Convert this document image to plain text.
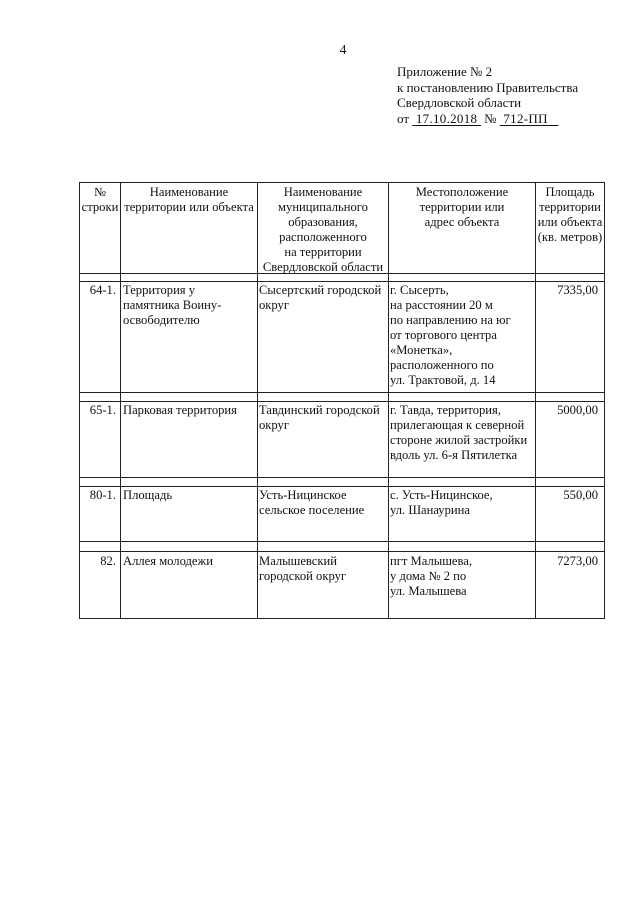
4
Приложение № 2
к постановлению Правительства
Свердловской области
от 17.10.2018 № 712-ПП
№
строки
Наименование
территории или объекта
Наименование
муниципального
образования,
расположенного
на территории
Свердловской области
Местоположение
территории или
адрес объекта
Площадь
территории
или объекта
(кв. метров)
64-1. Территория у
памятника Воину-
освободителю
Сысертский городской
округ
г. Сысерть,
на расстоянии 20 м
по направлению на юг
от торгового центра
«Монетка»,
расположенного по
ул. Трактовой, д. 14
7335,00
65-1. Парковая территория Тавдинский городской
округ
г. Тавда, территория,
прилегающая к северной
стороне жилой застройки
вдоль ул. 6-я Пятилетка
5000,00
80-1. Площадь	Усть-Ницинское
сельское поселение
с. Усть-Ницинское,
ул. Шанаурина
550,00
82. Аллея молодежи	Малышевский
городской округ
пгт Малышева,
у дома № 2 по
ул. Малышева
7273,00
